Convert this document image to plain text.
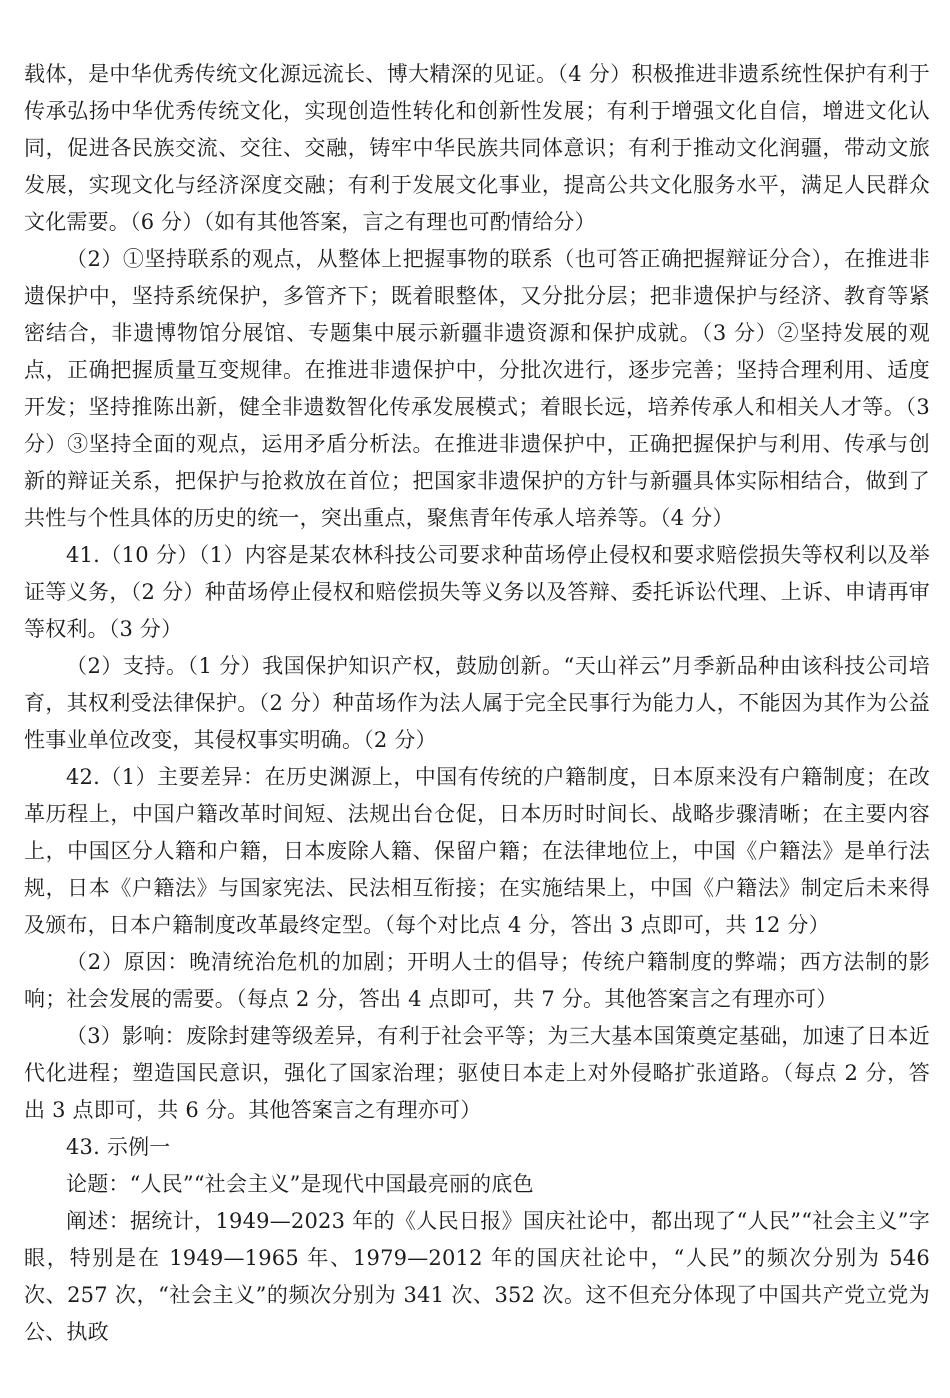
载体，是中华优秀传统文化源远流长、博大精深的见证。（4 分）积极推进非遗系统性保护有利于传承弘扬中华优秀传统文化，实现创造性转化和创新性发展；有利于增强文化自信，增进文化认同，促进各民族交流、交往、交融，铸牢中华民族共同体意识；有利于推动文化润疆，带动文旅发展，实现文化与经济深度交融；有利于发展文化事业，提高公共文化服务水平，满足人民群众文化需要。（6 分）（如有其他答案，言之有理也可酌情给分）

（2）①坚持联系的观点，从整体上把握事物的联系（也可答正确把握辩证分合），在推进非遗保护中，坚持系统保护，多管齐下；既着眼整体，又分批分层；把非遗保护与经济、教育等紧密结合，非遗博物馆分展馆、专题集中展示新疆非遗资源和保护成就。（3 分）②坚持发展的观点，正确把握质量互变规律。在推进非遗保护中，分批次进行，逐步完善；坚持合理利用、适度开发；坚持推陈出新，健全非遗数智化传承发展模式；着眼长远，培养传承人和相关人才等。（3 分）③坚持全面的观点，运用矛盾分析法。在推进非遗保护中，正确把握保护与利用、传承与创新的辩证关系，把保护与抢救放在首位；把国家非遗保护的方针与新疆具体实际相结合，做到了共性与个性具体的历史的统一，突出重点，聚焦青年传承人培养等。（4 分）

41.（10 分）（1）内容是某农林科技公司要求种苗场停止侵权和要求赔偿损失等权利以及举证等义务，（2 分）种苗场停止侵权和赔偿损失等义务以及答辩、委托诉讼代理、上诉、申请再审等权利。（3 分）

（2）支持。（1 分）我国保护知识产权，鼓励创新。“天山祥云”月季新品种由该科技公司培育，其权利受法律保护。（2 分）种苗场作为法人属于完全民事行为能力人，不能因为其作为公益性事业单位改变，其侵权事实明确。（2 分）

42.（1）主要差异：在历史渊源上，中国有传统的户籍制度，日本原来没有户籍制度；在改革历程上，中国户籍改革时间短、法规出台仓促，日本历时时间长、战略步骤清晰；在主要内容上，中国区分人籍和户籍，日本废除人籍、保留户籍；在法律地位上，中国《户籍法》是单行法规，日本《户籍法》与国家宪法、民法相互衔接；在实施结果上，中国《户籍法》制定后未来得及颁布，日本户籍制度改革最终定型。（每个对比点 4 分，答出 3 点即可，共 12 分）

（2）原因：晚清统治危机的加剧；开明人士的倡导；传统户籍制度的弊端；西方法制的影响；社会发展的需要。（每点 2 分，答出 4 点即可，共 7 分。其他答案言之有理亦可）

（3）影响：废除封建等级差异，有利于社会平等；为三大基本国策奠定基础，加速了日本近代化进程；塑造国民意识，强化了国家治理；驱使日本走上对外侵略扩张道路。（每点 2 分，答出 3 点即可，共 6 分。其他答案言之有理亦可）

43. 示例一

论题：“人民”“社会主义”是现代中国最亮丽的底色

阐述：据统计，1949—2023 年的《人民日报》国庆社论中，都出现了“人民”“社会主义”字眼，特别是在 1949—1965 年、1979—2012 年的国庆社论中，“人民”的频次分别为 546 次、257 次，“社会主义”的频次分别为 341 次、352 次。这不但充分体现了中国共产党立党为公、执政
